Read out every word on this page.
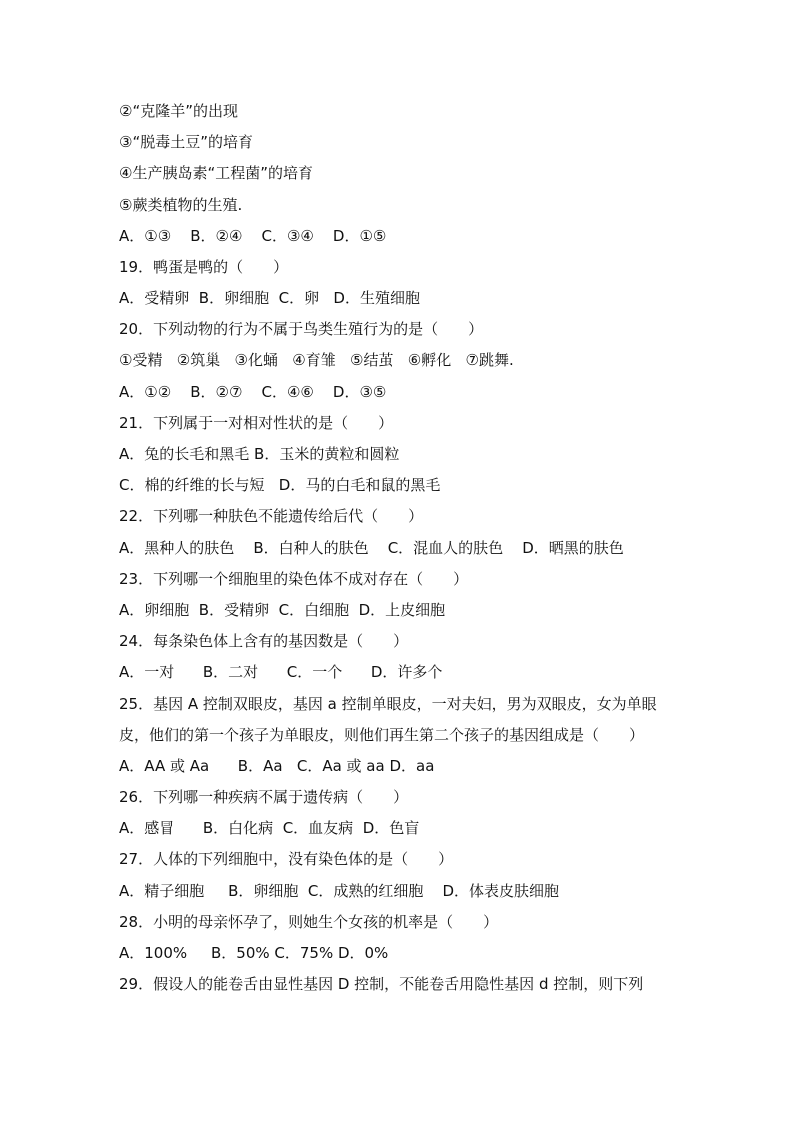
②“克隆羊”的出现
③“脱毒土豆”的培育
④生产胰岛素“工程菌”的培育
⑤蕨类植物的生殖.
A．①③    B．②④    C．③④    D．①⑤
19．鸭蛋是鸭的（　　）
A．受精卵  B．卵细胞  C．卵   D．生殖细胞
20．下列动物的行为不属于鸟类生殖行为的是（　　）
①受精   ②筑巢   ③化蛹   ④育雏   ⑤结茧   ⑥孵化   ⑦跳舞.
A．①②    B．②⑦    C．④⑥    D．③⑤
21．下列属于一对相对性状的是（　　）
A．兔的长毛和黑毛 B．玉米的黄粒和圆粒
C．棉的纤维的长与短   D．马的白毛和鼠的黑毛
22．下列哪一种肤色不能遗传给后代（　　）
A．黑种人的肤色    B．白种人的肤色    C．混血人的肤色    D．晒黑的肤色
23．下列哪一个细胞里的染色体不成对存在（　　）
A．卵细胞  B．受精卵  C．白细胞  D．上皮细胞
24．每条染色体上含有的基因数是（　　）
A．一对      B．二对      C．一个      D．许多个
25．基因 A 控制双眼皮，基因 a 控制单眼皮，一对夫妇，男为双眼皮，女为单眼
皮，他们的第一个孩子为单眼皮，则他们再生第二个孩子的基因组成是（　　）
A．AA 或 Aa      B．Aa   C．Aa 或 aa D．aa
26．下列哪一种疾病不属于遗传病（　　）
A．感冒      B．白化病  C．血友病  D．色盲
27．人体的下列细胞中，没有染色体的是（　　）
A．精子细胞     B．卵细胞  C．成熟的红细胞    D．体表皮肤细胞
28．小明的母亲怀孕了，则她生个女孩的机率是（　　）
A．100%     B．50% C．75% D．0%
29．假设人的能卷舌由显性基因 D 控制，不能卷舌用隐性基因 d 控制，则下列
